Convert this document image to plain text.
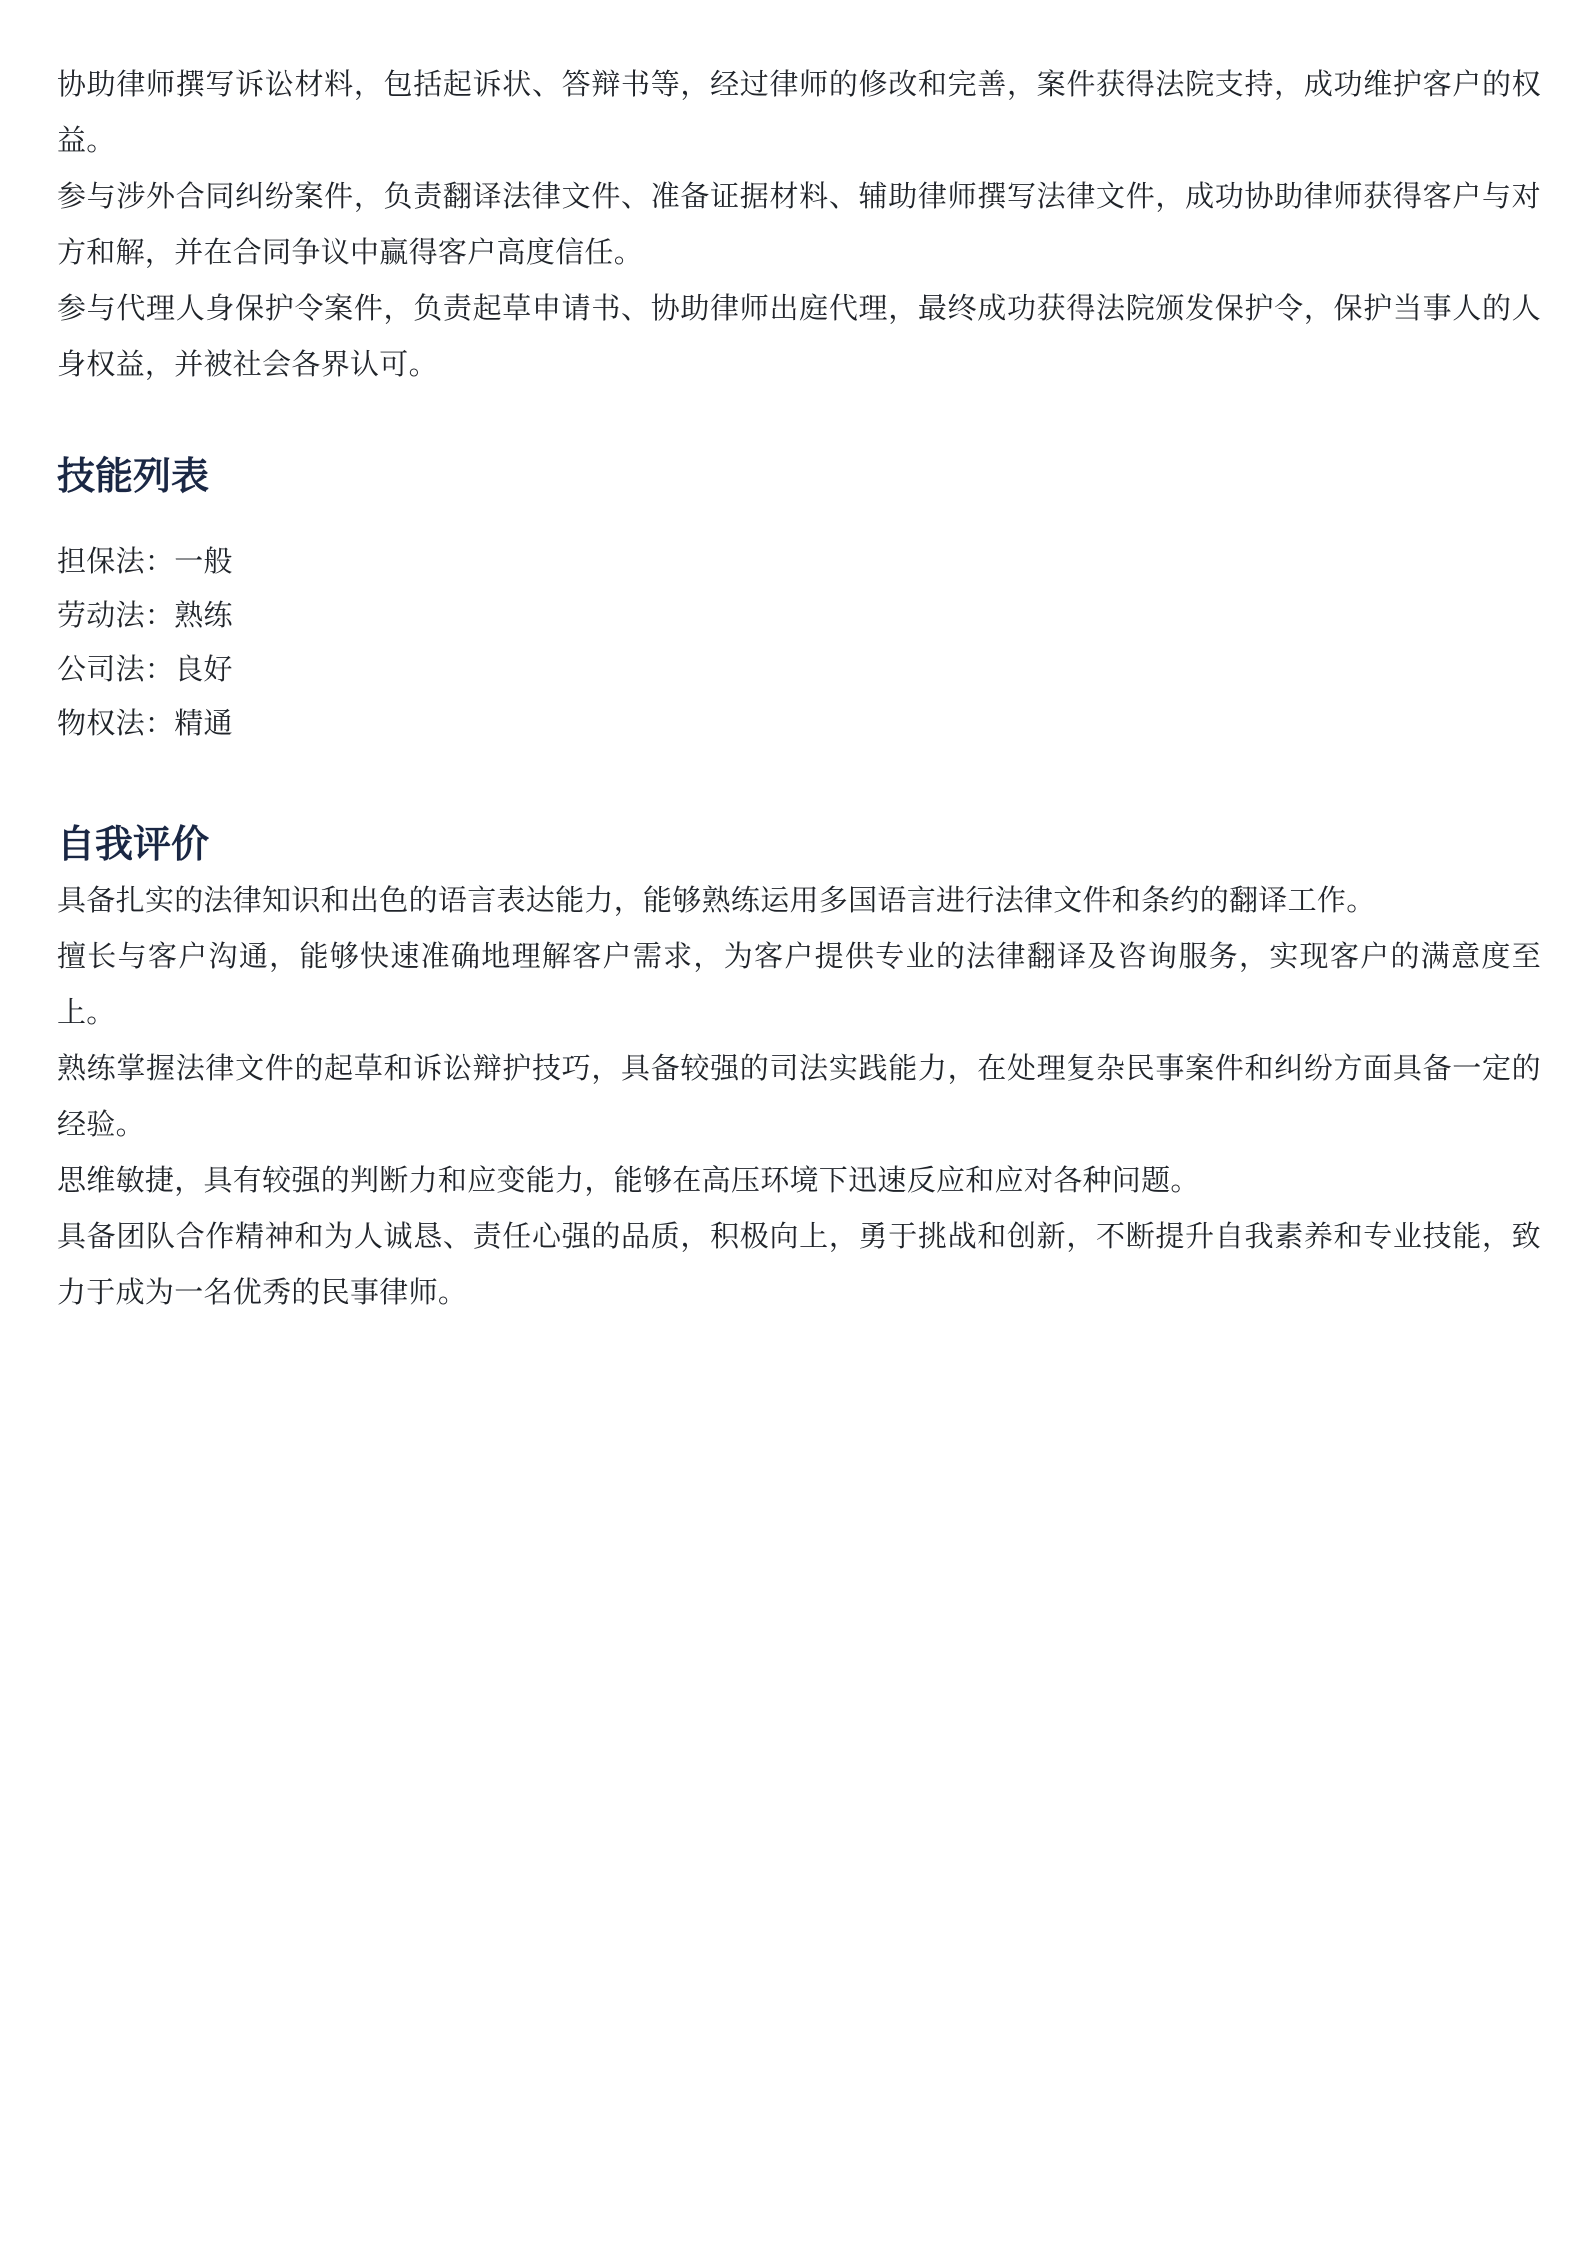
协助律师撰写诉讼材料，包括起诉状、答辩书等，经过律师的修改和完善，案件获得法院支持，成功维护客户的权益。

参与涉外合同纠纷案件，负责翻译法律文件、准备证据材料、辅助律师撰写法律文件，成功协助律师获得客户与对方和解，并在合同争议中赢得客户高度信任。

参与代理人身保护令案件，负责起草申请书、协助律师出庭代理，最终成功获得法院颁发保护令，保护当事人的人身权益，并被社会各界认可。

技能列表

担保法：一般

劳动法：熟练

公司法：良好

物权法：精通

自我评价

具备扎实的法律知识和出色的语言表达能力，能够熟练运用多国语言进行法律文件和条约的翻译工作。

擅长与客户沟通，能够快速准确地理解客户需求，为客户提供专业的法律翻译及咨询服务，实现客户的满意度至上。

熟练掌握法律文件的起草和诉讼辩护技巧，具备较强的司法实践能力，在处理复杂民事案件和纠纷方面具备一定的经验。

思维敏捷，具有较强的判断力和应变能力，能够在高压环境下迅速反应和应对各种问题。

具备团队合作精神和为人诚恳、责任心强的品质，积极向上，勇于挑战和创新，不断提升自我素养和专业技能，致力于成为一名优秀的民事律师。
